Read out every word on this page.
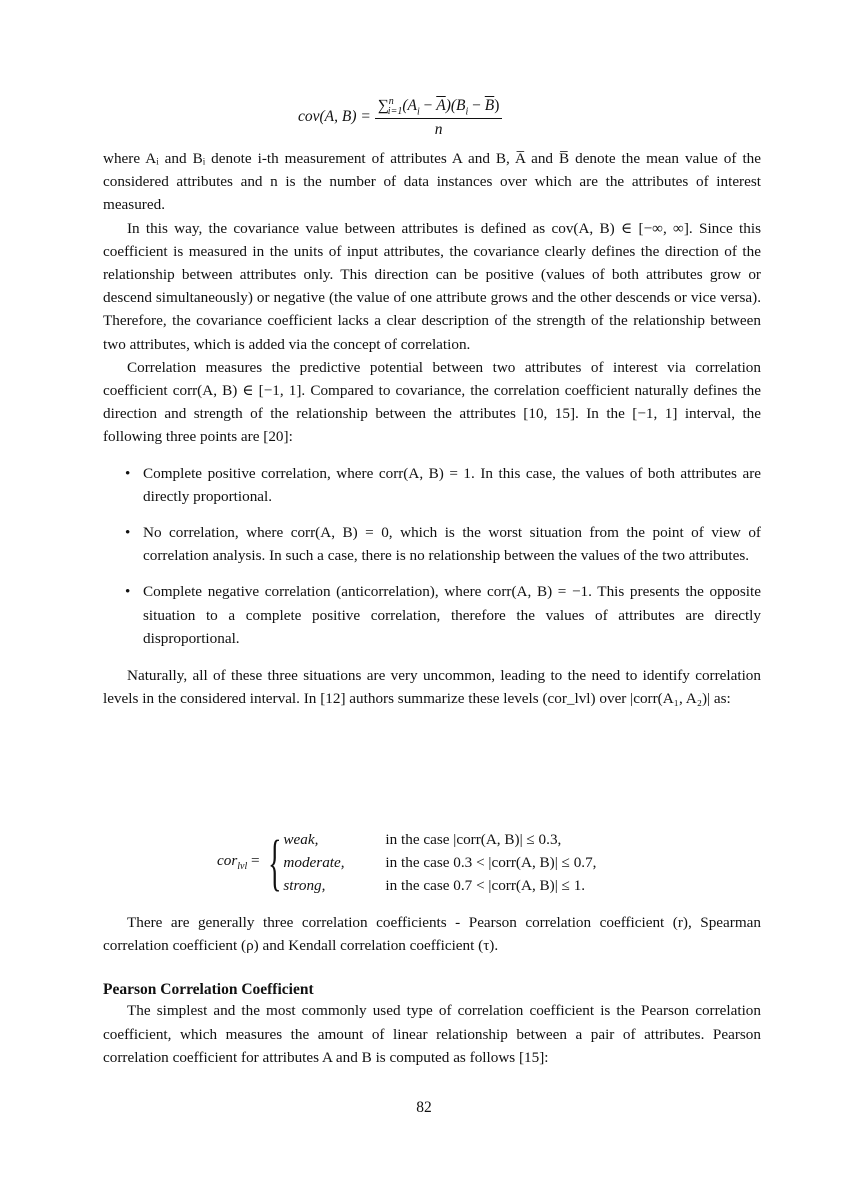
cov(A, $B) = \frac{\sum^n_{i=1}(A_i - \overline{A})(B_i - \overline{B})}{n}$

where Aᵢ and Bᵢ denote i-th measurement of attributes A and B, A̅ and B̅ denote the mean value of the considered attributes and n is the number of data instances over which are the attributes of interest measured.

In this way, the covariance value between attributes is defined as cov(A, B) ∈ [−∞, ∞]. Since this coefficient is measured in the units of input attributes, the covariance clearly defines the direction of the relationship between attributes only. This direction can be positive (values of both attributes grow or descend simultaneously) or negative (the value of one attribute grows and the other descends or vice versa). Therefore, the covariance coefficient lacks a clear description of the strength of the relationship between two attributes, which is added via the concept of correlation.

Correlation measures the predictive potential between two attributes of interest via correlation coefficient corr(A, B) ∈ [−1, 1]. Compared to covariance, the correlation coefficient naturally defines the direction and strength of the relationship between the attributes [10, 15]. In the [−1, 1] interval, the following three points are [20]:

• Complete positive correlation, where corr(A, B) = 1. In this case, the values of both attributes are directly proportional.
• No correlation, where corr(A, B) = 0, which is the worst situation from the point of view of correlation analysis. In such a case, there is no relationship between the values of the two attributes.
• Complete negative correlation (anticorrelation), where corr(A, B) = −1. This presents the opposite situation to a complete positive correlation, therefore the values of attributes are directly disproportional.

Naturally, all of these three situations are very uncommon, leading to the need to identify correlation levels in the considered interval. In [12] authors summarize these levels (cor_lvl) over |corr(A₁, A₂)| as:

cor$_{lvl}$ = { weak,	in the case |corr(A, B)| ≤ 0.3,
moderate,	in the case 0.3 < |corr(A, B)| ≤ 0.7,
strong,	in the case 0.7 < |corr(A, B)| ≤ 1.

There are generally three correlation coefficients - Pearson correlation coefficient (r), Spearman correlation coefficient (ρ) and Kendall correlation coefficient (τ).

Pearson Correlation Coefficient

The simplest and the most commonly used type of correlation coefficient is the Pearson correlation coefficient, which measures the amount of linear relationship between a pair of attributes. Pearson correlation coefficient for attributes A and B is computed as follows [15]:

82
